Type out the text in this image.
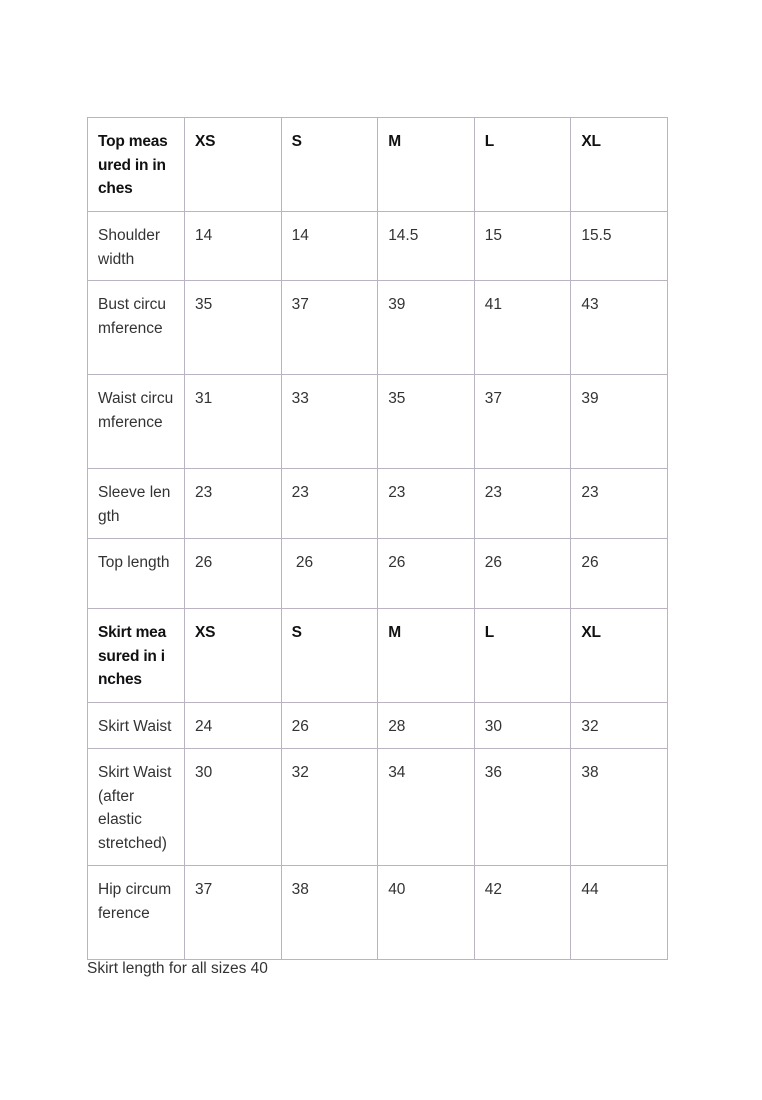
Top measured in inches	XS	S	M	L	XL
Shoulder width	14	14	14.5	15	15.5
Bust circumference	35	37	39	41	43
Waist circumference	31	33	35	37	39
Sleeve length	23	23	23	23	23
Top length	26	26	26	26	26
Skirt measured in inches	XS	S	M	L	XL
Skirt Waist	24	26	28	30	32
Skirt Waist (after elastic stretched)	30	32	34	36	38
Hip circumference	37	38	40	42	44
Skirt length for all sizes 40
